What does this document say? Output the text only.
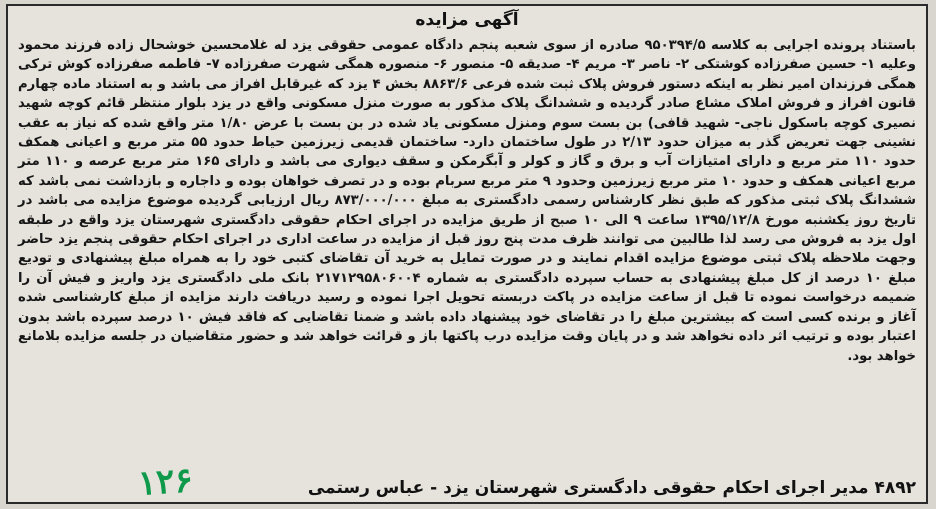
آگهی مزایده
باستناد پرونده اجرایی به کلاسه ۹۵۰۳۹۴/۵ صادره از سوی شعبه پنجم دادگاه عمومی حقوقی یزد له غلامحسین خوشحال زاده فرزند محمود وعلیه ۱- حسین صفرزاده کوشتکی ۲- ناصر ۳- مریم ۴- صدیقه ۵- منصور ۶- منصوره همگی شهرت صفرزاده ۷- فاطمه صفرزاده کوش ترکی همگی فرزندان امیر نظر به اینکه دستور فروش پلاک ثبت شده فرعی ۸۸۶۳/۶ بخش ۴ یزد که غیرقابل افراز می باشد و به استناد ماده چهارم قانون افراز و فروش املاک مشاع صادر گردیده و ششدانگ پلاک مذکور به صورت منزل مسکونی واقع در یزد بلوار منتظر قائم کوچه شهید نصیری کوچه باسکول ناجی- شهید قافی) بن بست سوم ومنزل مسکونی یاد شده در بن بست با عرض ۱/۸۰ متر واقع شده که نیاز به عقب نشینی جهت تعریض گذر به میزان حدود ۲/۱۳ در طول ساختمان دارد- ساختمان قدیمی زیرزمین حیاط حدود ۵۵ متر مربع و اعیانی همکف حدود ۱۱۰ متر مربع و دارای امتیازات آب و برق و گاز و کولر و آبگرمکن و سقف دیواری می باشد و دارای ۱۶۵ متر مربع عرصه و ۱۱۰ متر مربع اعیانی همکف و حدود ۱۰ متر مربع زیرزمین وحدود ۹ متر مربع سربام بوده و در تصرف خواهان بوده و داجاره و بازداشت نمی باشد که ششدانگ پلاک ثبتی مذکور که طبق نظر کارشناس رسمی دادگستری به مبلغ ۸۷۳/۰۰۰/۰۰۰ ریال ارزیابی گردیده موضوع مزایده می باشد در تاریخ روز یکشنبه مورخ ۱۳۹۵/۱۲/۸ ساعت ۹ الی ۱۰ صبح از طریق مزایده در اجرای احکام حقوقی دادگستری شهرستان یزد واقع در طبقه اول یزد به فروش می رسد لذا طالبین می توانند ظرف مدت پنج روز قبل از مزایده در ساعت اداری در اجرای احکام حقوقی پنجم یزد حاضر وجهت ملاحظه پلاک ثبتی موضوع مزایده اقدام نمایند و در صورت تمایل به خرید آن تقاضای کتبی خود را به همراه مبلغ پیشنهادی و تودیع مبلغ ۱۰ درصد از کل مبلغ پیشنهادی به حساب سپرده دادگستری به شماره ۲۱۷۱۲۹۵۸۰۶۰۰۴ بانک ملی دادگستری یزد واریز و فیش آن را ضمیمه درخواست نموده تا قبل از ساعت مزایده در پاکت دربسته تحویل اجرا نموده و رسید دریافت دارند مزایده از مبلغ کارشناسی شده آغاز و برنده کسی است که بیشترین مبلغ را در تقاضای خود پیشنهاد داده باشد و ضمنا تقاضایی که فاقد فیش ۱۰ درصد سپرده باشد بدون اعتبار بوده و ترتیب اثر داده نخواهد شد و در پایان وقت مزایده درب پاکتها باز و قرائت خواهد شد و حضور متقاضیان در جلسه مزایده بلامانع خواهد بود.
۴۸۹۲ مدیر اجرای احکام حقوقی دادگستری شهرستان یزد - عباس رستمی
۱۲۶
